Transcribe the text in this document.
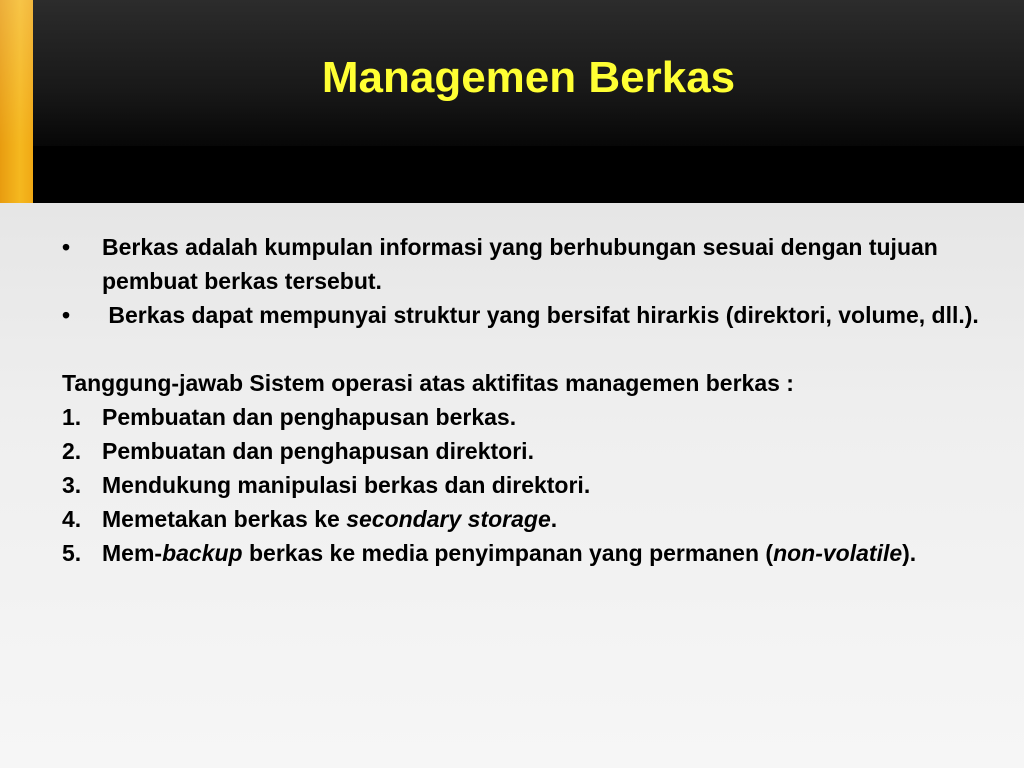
Managemen Berkas
•	Berkas adalah kumpulan informasi yang berhubungan sesuai dengan tujuan pembuat berkas tersebut.
•	Berkas dapat mempunyai struktur yang bersifat hirarkis (direktori, volume, dll.).
Tanggung-jawab Sistem operasi atas aktifitas managemen berkas :
1. Pembuatan dan penghapusan berkas.
2. Pembuatan dan penghapusan direktori.
3. Mendukung manipulasi berkas dan direktori.
4. Memetakan berkas ke secondary storage.
5. Mem-backup berkas ke media penyimpanan yang permanen (non-volatile).
